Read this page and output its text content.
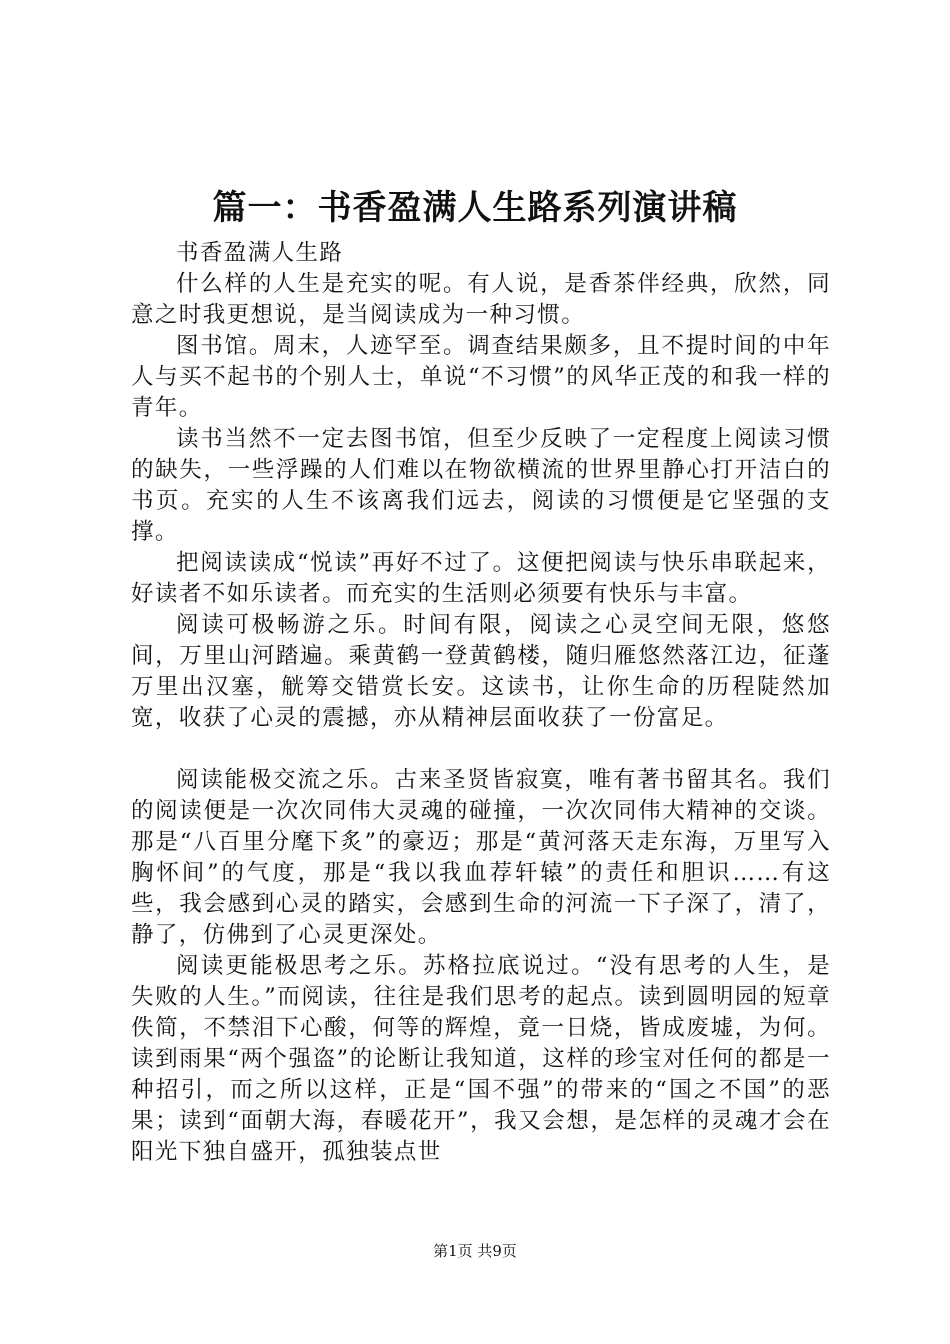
篇一：书香盈满人生路系列演讲稿

书香盈满人生路

什么样的人生是充实的呢。有人说，是香茶伴经典，欣然，同意之时我更想说，是当阅读成为一种习惯。

图书馆。周末，人迹罕至。调查结果颇多，且不提时间的中年人与买不起书的个别人士，单说“不习惯”的风华正茂的和我一样的青年。

读书当然不一定去图书馆，但至少反映了一定程度上阅读习惯的缺失，一些浮躁的人们难以在物欲横流的世界里静心打开洁白的书页。充实的人生不该离我们远去，阅读的习惯便是它坚强的支撑。

把阅读读成“悦读”再好不过了。这便把阅读与快乐串联起来，好读者不如乐读者。而充实的生活则必须要有快乐与丰富。

阅读可极畅游之乐。时间有限，阅读之心灵空间无限，悠悠间，万里山河踏遍。乘黄鹤一登黄鹤楼，随归雁悠然落江边，征蓬万里出汉塞，觥筹交错赏长安。这读书，让你生命的历程陡然加宽，收获了心灵的震撼，亦从精神层面收获了一份富足。

阅读能极交流之乐。古来圣贤皆寂寞，唯有著书留其名。我们的阅读便是一次次同伟大灵魂的碰撞，一次次同伟大精神的交谈。那是“八百里分麾下炙”的豪迈；那是“黄河落天走东海，万里写入胸怀间”的气度，那是“我以我血荐轩辕”的责任和胆识……有这些，我会感到心灵的踏实，会感到生命的河流一下子深了，清了，静了，仿佛到了心灵更深处。

阅读更能极思考之乐。苏格拉底说过。“没有思考的人生，是失败的人生。”而阅读，往往是我们思考的起点。读到圆明园的短章佚简，不禁泪下心酸，何等的辉煌，竟一日烧，皆成废墟，为何。读到雨果“两个强盗”的论断让我知道，这样的珍宝对任何的都是一种招引，而之所以这样，正是“国不强”的带来的“国之不国”的恶果；读到“面朝大海，春暖花开”，我又会想，是怎样的灵魂才会在阳光下独自盛开，孤独装点世

第1页 共9页
